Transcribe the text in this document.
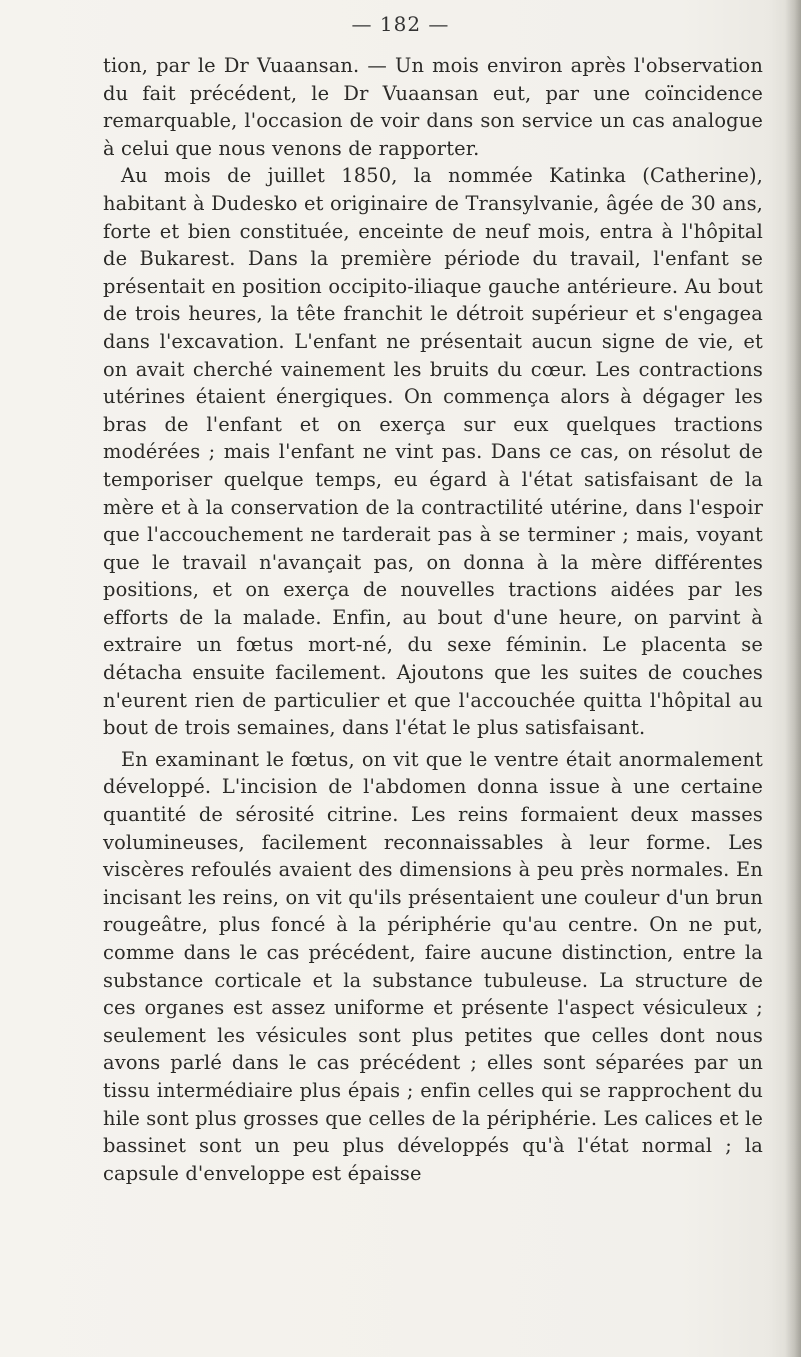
— 182 —

tion, par le Dr Vuaansan. — Un mois environ après l'observation du fait précédent, le Dr Vuaansan eut, par une coïncidence remarquable, l'occasion de voir dans son service un cas analogue à celui que nous venons de rapporter.

Au mois de juillet 1850, la nommée Katinka (Catherine), habitant à Dudesko et originaire de Transylvanie, âgée de 30 ans, forte et bien constituée, enceinte de neuf mois, entra à l'hôpital de Bukarest. Dans la première période du travail, l'enfant se présentait en position occipito-iliaque gauche antérieure. Au bout de trois heures, la tête franchit le détroit supérieur et s'engagea dans l'excavation. L'enfant ne présentait aucun signe de vie, et on avait cherché vainement les bruits du cœur. Les contractions utérines étaient énergiques. On commença alors à dégager les bras de l'enfant et on exerça sur eux quelques tractions modérées ; mais l'enfant ne vint pas. Dans ce cas, on résolut de temporiser quelque temps, eu égard à l'état satisfaisant de la mère et à la conservation de la contractilité utérine, dans l'espoir que l'accouchement ne tarderait pas à se terminer ; mais, voyant que le travail n'avançait pas, on donna à la mère différentes positions, et on exerça de nouvelles tractions aidées par les efforts de la malade. Enfin, au bout d'une heure, on parvint à extraire un fœtus mort-né, du sexe féminin. Le placenta se détacha ensuite facilement. Ajoutons que les suites de couches n'eurent rien de particulier et que l'accouchée quitta l'hôpital au bout de trois semaines, dans l'état le plus satisfaisant.

En examinant le fœtus, on vit que le ventre était anormalement développé. L'incision de l'abdomen donna issue à une certaine quantité de sérosité citrine. Les reins formaient deux masses volumineuses, facilement reconnaissables à leur forme. Les viscères refoulés avaient des dimensions à peu près normales. En incisant les reins, on vit qu'ils présentaient une couleur d'un brun rougeâtre, plus foncé à la périphérie qu'au centre. On ne put, comme dans le cas précédent, faire aucune distinction, entre la substance corticale et la substance tubuleuse. La structure de ces organes est assez uniforme et présente l'aspect vésiculeux ; seulement les vésicules sont plus petites que celles dont nous avons parlé dans le cas précédent ; elles sont séparées par un tissu intermédiaire plus épais ; enfin celles qui se rapprochent du hile sont plus grosses que celles de la périphérie. Les calices et le bassinet sont un peu plus développés qu'à l'état normal ; la capsule d'enveloppe est épaisse
